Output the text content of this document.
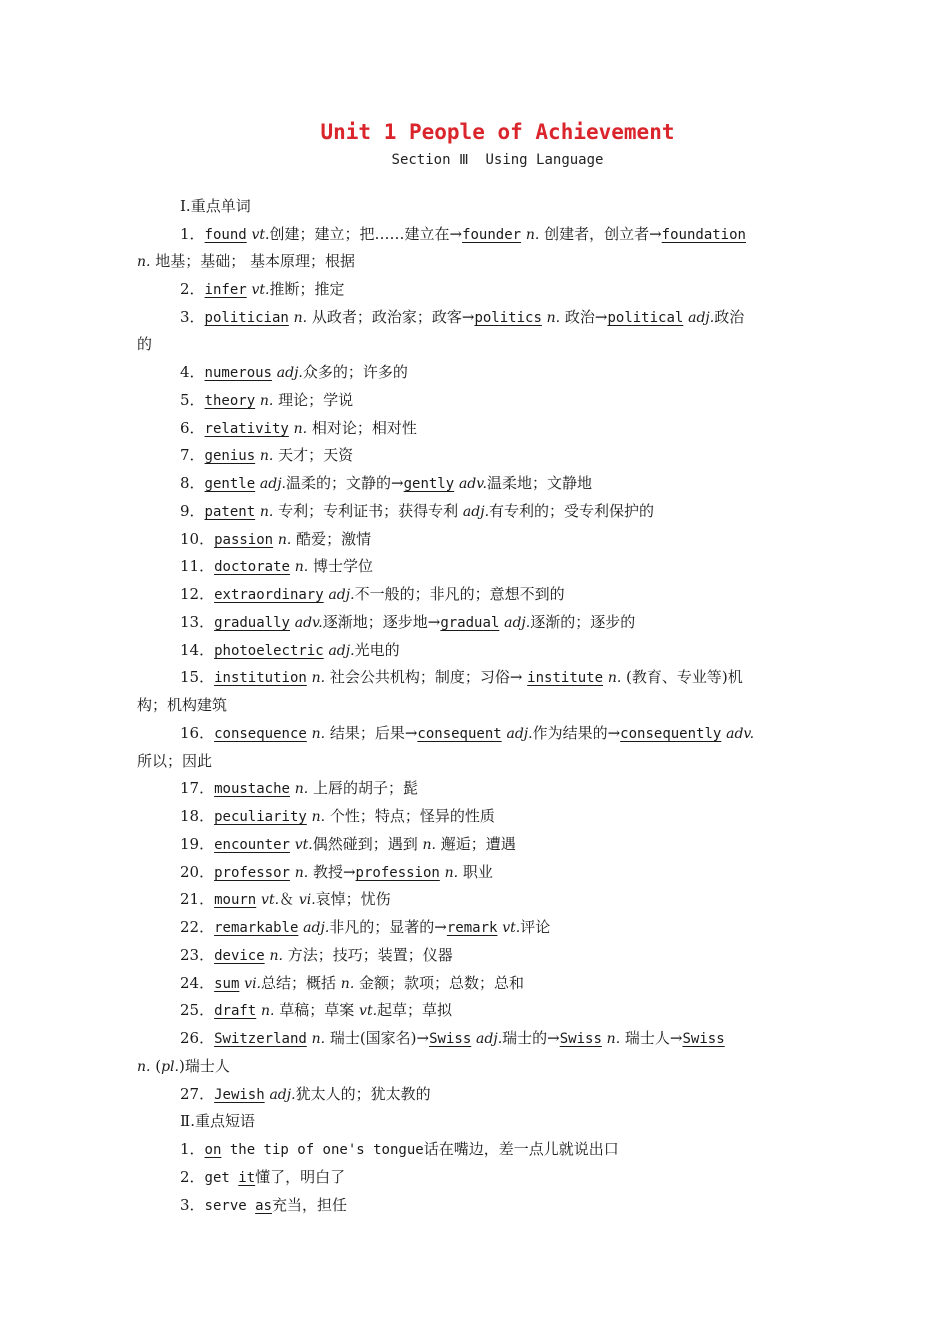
Unit 1 People of Achievement
Section Ⅲ  Using Language
Ⅰ.重点单词
1．found vt.创建；建立；把……建立在→founder n. 创建者，创立者→foundation
n. 地基；基础； 基本原理；根据
2．infer vt.推断；推定
3．politician n. 从政者；政治家；政客→politics n. 政治→political adj.政治
的
4．numerous adj.众多的；许多的
5．theory n. 理论；学说
6．relativity n. 相对论；相对性
7．genius n. 天才；天资
8．gentle adj.温柔的；文静的→gently adv.温柔地；文静地
9．patent n. 专利；专利证书；获得专利 adj.有专利的；受专利保护的
10．passion n. 酷爱；激情
11．doctorate n. 博士学位
12．extraordinary adj.不一般的；非凡的；意想不到的
13．gradually adv.逐渐地；逐步地→gradual adj.逐渐的；逐步的
14．photoelectric adj.光电的
15．institution n. 社会公共机构；制度；习俗→ institute n. (教育、专业等)机
构；机构建筑
16．consequence n. 结果；后果→consequent adj.作为结果的→consequently adv.
所以；因此
17．moustache n. 上唇的胡子；髭
18．peculiarity n. 个性；特点；怪异的性质
19．encounter vt.偶然碰到；遇到 n. 邂逅；遭遇
20．professor n. 教授→profession n. 职业
21．mourn vt.＆ vi.哀悼；忧伤
22．remarkable adj.非凡的；显著的→remark vt.评论
23．device n. 方法；技巧；装置；仪器
24．sum vi.总结；概括 n. 金额；款项；总数；总和
25．draft n. 草稿；草案 vt.起草；草拟
26．Switzerland n. 瑞士(国家名)→Swiss adj.瑞士的→Swiss n. 瑞士人→Swiss
n. (pl.)瑞士人
27．Jewish adj.犹太人的；犹太教的
Ⅱ.重点短语
1．on the tip of one's tongue话在嘴边，差一点儿就说出口
2．get it懂了，明白了
3．serve as充当，担任
